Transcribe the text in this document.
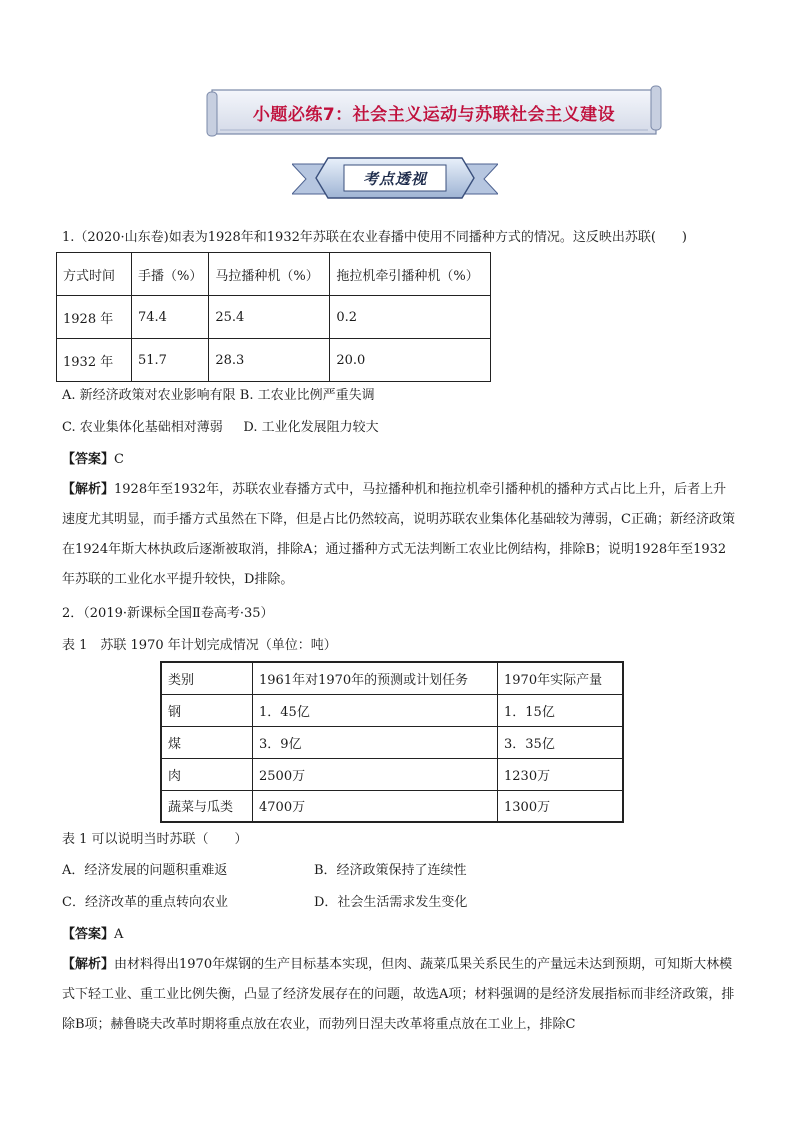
小题必练7：社会主义运动与苏联社会主义建设
考点透视
1.（2020·山东卷)如表为1928年和1932年苏联在农业春播中使用不同播种方式的情况。这反映出苏联(　　)
方式时间	手播（%）	马拉播种机（%）	拖拉机牵引播种机（%）
1928 年	74.4	25.4	0.2
1932 年	51.7	28.3	20.0
A. 新经济政策对农业影响有限 B. 工农业比例严重失调
C. 农业集体化基础相对薄弱 D. 工业化发展阻力较大
【答案】C
【解析】1928年至1932年，苏联农业春播方式中，马拉播种机和拖拉机牵引播种机的播种方式占比上升，后者上升速度尤其明显，而手播方式虽然在下降，但是占比仍然较高，说明苏联农业集体化基础较为薄弱，C正确；新经济政策在1924年斯大林执政后逐渐被取消，排除A；通过播种方式无法判断工农业比例结构，排除B；说明1928年至1932年苏联的工业化水平提升较快，D排除。
2．（2019·新课标全国Ⅱ卷高考·35）
表 1　苏联 1970 年计划完成情况（单位：吨）
类别	1961年对1970年的预测或计划任务	1970年实际产量
钢	1．45亿	1．15亿
煤	3．9亿	3．35亿
肉	2500万	1230万
蔬菜与瓜类	4700万	1300万
表 1 可以说明当时苏联（　　）
A．经济发展的问题积重难返	B．经济政策保持了连续性
C．经济改革的重点转向农业	D．社会生活需求发生变化
【答案】A
【解析】由材料得出1970年煤钢的生产目标基本实现，但肉、蔬菜瓜果关系民生的产量远未达到预期，可知斯大林模式下轻工业、重工业比例失衡，凸显了经济发展存在的问题，故选A项；材料强调的是经济发展指标而非经济政策，排除B项；赫鲁晓夫改革时期将重点放在农业，而勃列日涅夫改革将重点放在工业上，排除C
